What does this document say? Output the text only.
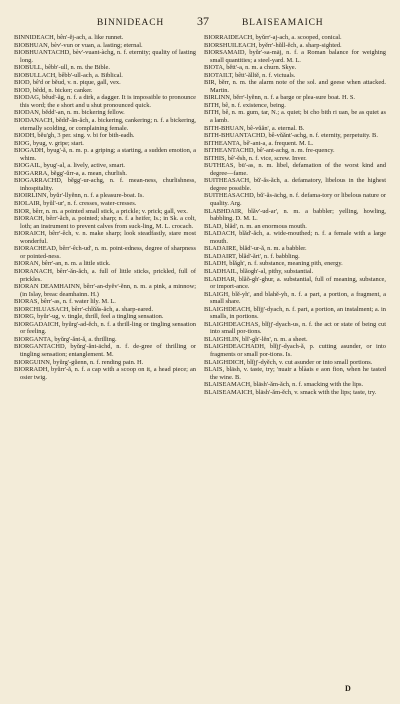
BINNIDEACH	37	BLAISEAMAICH

BINNIDEACH, bên'-ĕj-ach, a. like runnet.

BIOBHUAN, bèv'-vun or vuan, a. lasting; eternal.

BIOBHUANTACHD, bèv'-vuant-àchg, n. f. eternity; quality of lasting long.

BIOBULL, bêbb'-ull, n. m. the Bible.

BIOBULLACH, bêbb'-ull-ach, a. Biblical.

BIOD, bê'd or bĕud, v. n. pique, gall, vex.

BIOD, bĕdd, n. bicker; canker.

BIODAG, bĕud'-ăg, n. f. a dirk, a dagger. It is impossible to pronounce this word; the e short and u shut pronounced quick.

BIODAN, bĕdd'-an, n. m. bickering fellow.

BIODANACH, bĕdd'-ăn-ăch, a. bickering, cankering; n. f. a bickering, eternally scolding, or complaining female.

BIODH, bĕu'gh, 3 per. sing. v. bi for bith-eadh.

BIOG, byug, v. gripe; start.

BIOGADH, byug'-ă, n. m. p. a griping; a starting, a sudden emotion, a whim.

BIOGAIL, byug'-al, a. lively, active, smart.

BIOGARRA, bĕgg'-ŭrr-a, a. mean, churlish.

BIOGARRACHD, bĕgg'-ur-achg, n. f. mean-ness, churlishness, inhospitality.

BIOIRLINN, byŭr'-llyĕnn, n. f. a pleasure-boat. Is.

BIOLAIR, byŭl'-ur', n. f. cresses, water-cresses.

BIOR, bêrr, n. m. a pointed small stick, a prickle; v. prick; gall, vex.

BIORACH, bêrr'-ăch, a. pointed; sharp; n. f. a heifer, Is.; in Sk. a colt, loth; an instrument to prevent calves from suck-ling, M. L. crocach.

BIORAICH, bêrr'-êch, v. n. make sharp; look steadfastly, stare most wonderful.

BIORACHEAD, bêrr'-êch-ud', n. m. point-edness, degree of sharpness or pointed-ness.

BIORAN, bêrr'-an, n. m. a little stick.

BIORANACH, bêrr'-ăn-ăch, a. full of little sticks, prickled, full of prickles.

BIORAN DEAMHAINN, bêrr'-an-dyĕv'-ĕnn, n. m. a pink, a minnow; (in Islay, breac deamhainn. H.)

BIORAS, bêrr'-as, n. f. water lily. M. L.

BIORCHLUASACH, bêrr'-chlŭăs-ăch, a. sharp-eared.

BIORG, byŭr'-ug, v. tingle, thrill, feel a tingling sensation.

BIORGADAICH, byŭrg'-ad-ĕch, n. f. a thrill-ling or tingling sensation or feeling.

BIORGANTA, byŭrg'-ănt-ă, a. thrilling.

BIORGANTACHD, byŭrg'-ănt-āchd, n. f. de-gree of thrilling or tingling sensation; entanglement. M.

BIORGUINN, byŭrg'-gŭenn, n. f. rending pain. H.

BIORRADH, byŭrr'-ă, n. f. a cap with a scoop on it, a head piece; an osier twig.

BIORRAIDEACH, byŭrr'-aj-ach, a. scooped, conical.

BIORSHUILEACH, byĕrr'-hŭll-ĕch, a. sharp-sighted.

BIORSAMAID, byŭr'-sa-māj, n. f. a Roman balance for weighing small quantities; a steel-yard. M. L.

BIOTA, bĕtt'-a, n. m. a churn. Skye.

BIOTAILT, bêtt'-ălltĕ, n. f. victuals.

BIR, bĕrr, n. m. the alarm note of the sol. and geese when attacked. Martin.

BIRLINN, bĕrr'-lyĕnn, n. f. a barge or plea-sure boat. H. S.

BITH, bê, n. f. existence, being.

BITH, bê, n. m. gum, tar, N.; a. quiet; bi cho bith ri uan, be as quiet as a lamb.

BITH-BHUAN, bê-vŭăn', a. eternal. B.

BITH-BHUANTACHD, bê-vŭănt'-achg, n. f. eternity, perpetuity. B.

BITHEANTA, bê'-ant-a, a. frequent. M. L.

BITHEANTACHD, bê'-ant-achg, n. m. fre-quency.

BITHIS, bê'-ĕsh, n. f. vice, screw. Inver.

BUTHEAS, bū'-as, n. m. libel, defamation of the worst kind and degree—fame.

BUITHEASACH, bŭ'-ăs-ăch, a. defamatory, libelous in the highest degree possible.

BUITHEASACHD, bŭ'-ăs-āchg, n. f. defama-tory or libelous nature or quality. Arg.

BLABHDAIR, blăv'-ud-ar', n. m. a babbler; yelling, howling, babbling. D. M. L.

BLAD, blăd', n. m. an enormous mouth.

BLADACH, blăd'-ăch, a. wide-mouthed; n. f. a female with a large mouth.

BLADAIRE, blăd'-ur-ă, n. m. a babbler.

BLADAIRT, blăd'-ărt', n. f. babbling.

BLADH, blăgh', n. f. substance, meaning pith, energy.

BLADHAIL, blăogh'-al, pithy, substantial.

BLADHAR, blăŏ-gh'-ghur, a. substantial, full of meaning, substance, or import-ance.

BLAIGH, blĕ-yh', and blahĕ-yh, n. f. a part, a portion, a fragment, a small share.

BLAIGHDEACH, blĭjj'-dyach, n. f. part, a portion, an instalment; a. in smalls, in portions.

BLAIGHDEACHAS, blĭjj'-dyach-us, n. f. the act or state of being cut into small por-tions.

BLAIGHLIN, blĭ'-gh'-lĕn', n. m. a sheet.

BLAIGHDEACHADH, blĭjj'-dyach-ă, p. cutting asunder, or into fragments or small por-tions. Is.

BLAIGHDICH, blĭjj'-dyĕch, v. cut asunder or into small portions.

BLAIS, blāsh, v. taste, try; 'nuair a blàais e aon fion, when he tasted the wine. B.

BLAISEAMACH, blāsh'-ăm-ăch, n. f. smacking with the lips.

BLAISEAMAICH, blāsh'-ăm-ĕch, v. smack with the lips; taste, try.

D
